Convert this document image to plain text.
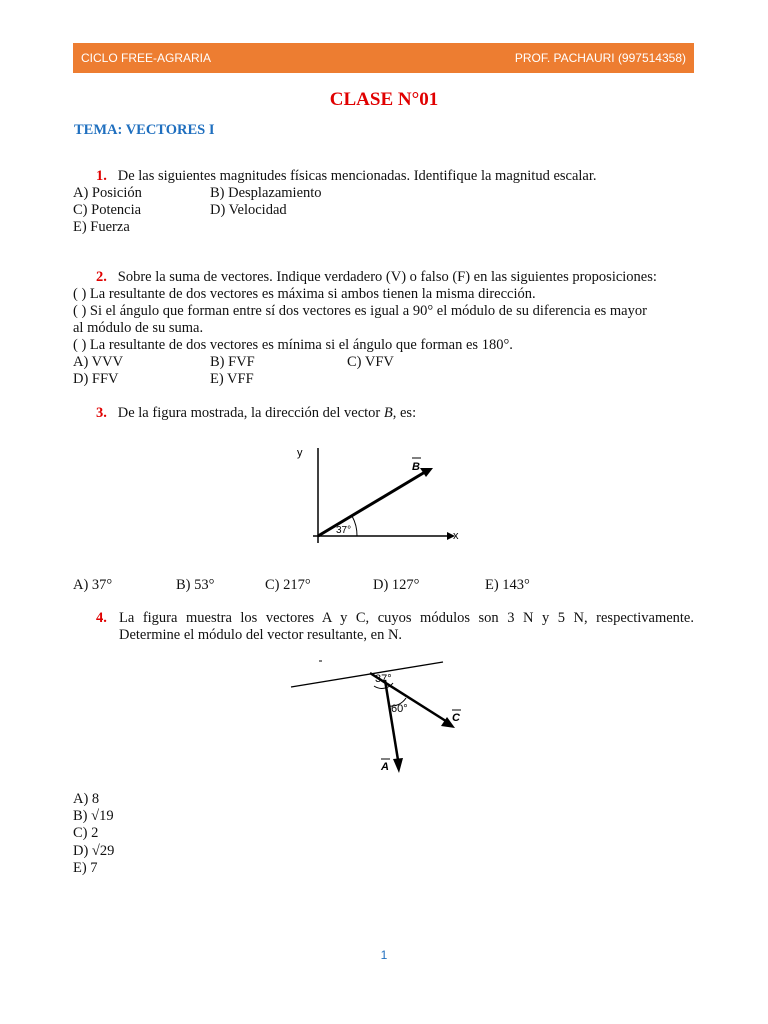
CICLO FREE-AGRARIA	PROF. PACHAURI (997514358)
CLASE N°01
TEMA: VECTORES I
1. De las siguientes magnitudes físicas mencionadas. Identifique la magnitud escalar.
A) Posición	B) Desplazamiento
C) Potencia	D) Velocidad
E) Fuerza
2. Sobre la suma de vectores. Indique verdadero (V) o falso (F) en las siguientes proposiciones:
( ) La resultante de dos vectores es máxima si ambos tienen la misma dirección.
( ) Si el ángulo que forman entre sí dos vectores es igual a 90° el módulo de su diferencia es mayor
al módulo de su suma.
( ) La resultante de dos vectores es mínima si el ángulo que forman es 180°.
A) VVV	B) FVF	C) VFV
D) FFV	E) VFF
3. De la figura mostrada, la dirección del vector B, es:
y
x
B
37°
A) 37°	B) 53°	C) 217°	D) 127°	E) 143°
4. La figura muestra los vectores A y C, cuyos módulos son 3 N y 5 N, respectivamente.
Determine el módulo del vector resultante, en N.
37°
60°
C
A
A) 8
B) √19
C) 2
D) √29
E) 7
1
